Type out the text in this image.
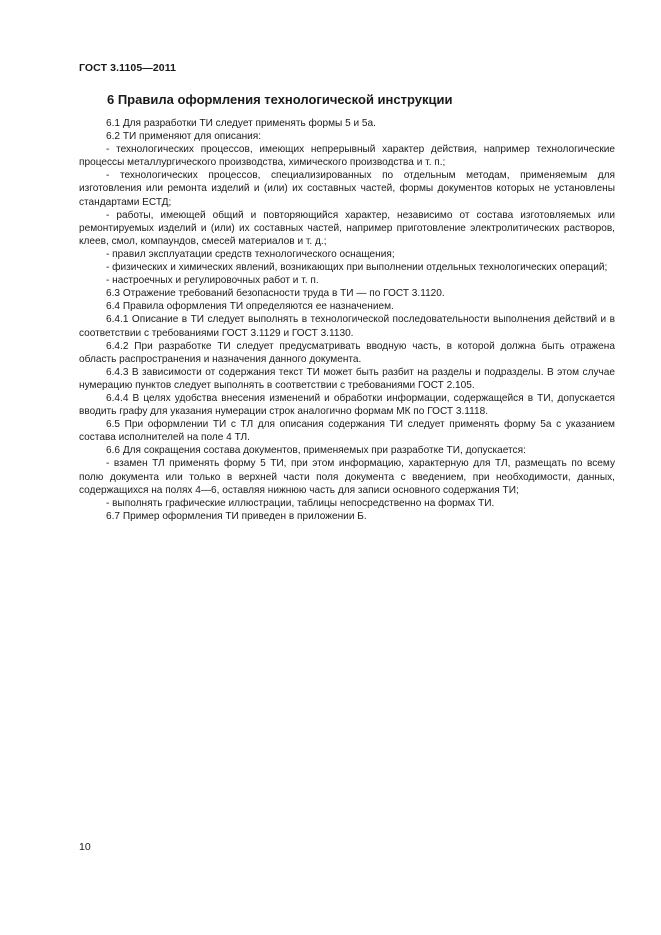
ГОСТ 3.1105—2011
6 Правила оформления технологической инструкции

6.1 Для разработки ТИ следует применять формы 5 и 5а.

6.2 ТИ применяют для описания:

- технологических процессов, имеющих непрерывный характер действия, например технологические процессы металлургического производства, химического производства и т. п.;

- технологических процессов, специализированных по отдельным методам, применяемым для изготовления или ремонта изделий и (или) их составных частей, формы документов которых не установлены стандартами ЕСТД;

- работы, имеющей общий и повторяющийся характер, независимо от состава изготовляемых или ремонтируемых изделий и (или) их составных частей, например приготовление электролитических растворов, клеев, смол, компаундов, смесей материалов и т. д.;

- правил эксплуатации средств технологического оснащения;

- физических и химических явлений, возникающих при выполнении отдельных технологических операций;

- настроечных и регулировочных работ и т. п.

6.3 Отражение требований безопасности труда в ТИ — по ГОСТ 3.1120.

6.4 Правила оформления ТИ определяются ее назначением.

6.4.1 Описание в ТИ следует выполнять в технологической последовательности выполнения действий и в соответствии с требованиями ГОСТ 3.1129 и ГОСТ 3.1130.

6.4.2 При разработке ТИ следует предусматривать вводную часть, в которой должна быть отражена область распространения и назначения данного документа.

6.4.3 В зависимости от содержания текст ТИ может быть разбит на разделы и подразделы. В этом случае нумерацию пунктов следует выполнять в соответствии с требованиями ГОСТ 2.105.

6.4.4 В целях удобства внесения изменений и обработки информации, содержащейся в ТИ, допускается вводить графу для указания нумерации строк аналогично формам МК по ГОСТ 3.1118.

6.5 При оформлении ТИ с ТЛ для описания содержания ТИ следует применять форму 5а с указанием состава исполнителей на поле 4 ТЛ.

6.6 Для сокращения состава документов, применяемых при разработке ТИ, допускается:

- взамен ТЛ применять форму 5 ТИ, при этом информацию, характерную для ТЛ, размещать по всему полю документа или только в верхней части поля документа с введением, при необходимости, данных, содержащихся на полях 4—6, оставляя нижнюю часть для записи основного содержания ТИ;

- выполнять графические иллюстрации, таблицы непосредственно на формах ТИ.

6.7 Пример оформления ТИ приведен в приложении Б.

10
